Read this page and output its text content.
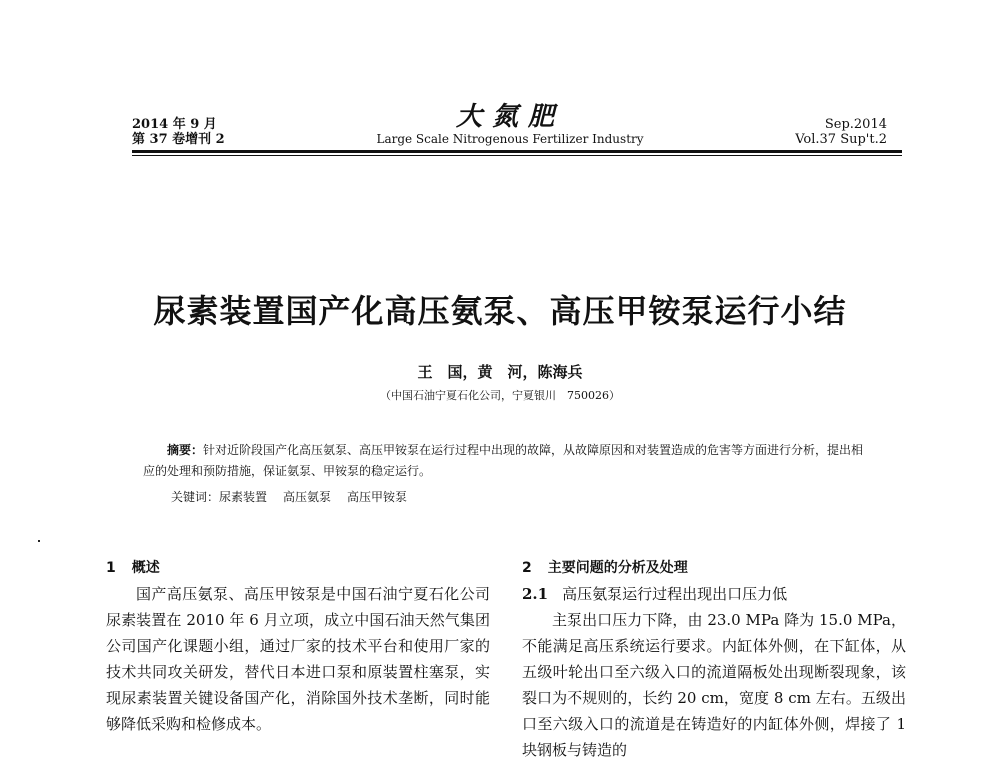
2014 年 9 月
第 37 卷增刊 2
大氮肥
Large Scale Nitrogenous Fertilizer Industry
Sep.2014
Vol.37 Sup't.2
尿素装置国产化高压氨泵、高压甲铵泵运行小结
王　国，黄　河，陈海兵
（中国石油宁夏石化公司，宁夏银川　750026）
摘要：针对近阶段国产化高压氨泵、高压甲铵泵在运行过程中出现的故障，从故障原因和对装置造成的危害等方面进行分析，提出相应的处理和预防措施，保证氨泵、甲铵泵的稳定运行。
关键词：尿素装置 高压氨泵 高压甲铵泵
1 概述
国产高压氨泵、高压甲铵泵是中国石油宁夏石化公司尿素装置在 2010 年 6 月立项，成立中国石油天然气集团公司国产化课题小组，通过厂家的技术平台和使用厂家的技术共同攻关研发，替代日本进口泵和原装置柱塞泵，实现尿素装置关键设备国产化，消除国外技术垄断，同时能够降低采购和检修成本。
2 主要问题的分析及处理
2.1 高压氨泵运行过程出现出口压力低
主泵出口压力下降，由 23.0 MPa 降为 15.0 MPa，不能满足高压系统运行要求。内缸体外侧，在下缸体，从五级叶轮出口至六级入口的流道隔板处出现断裂现象，该裂口为不规则的，长约 20 cm，宽度 8 cm 左右。五级出口至六级入口的流道是在铸造好的内缸体外侧，焊接了 1 块钢板与铸造的
